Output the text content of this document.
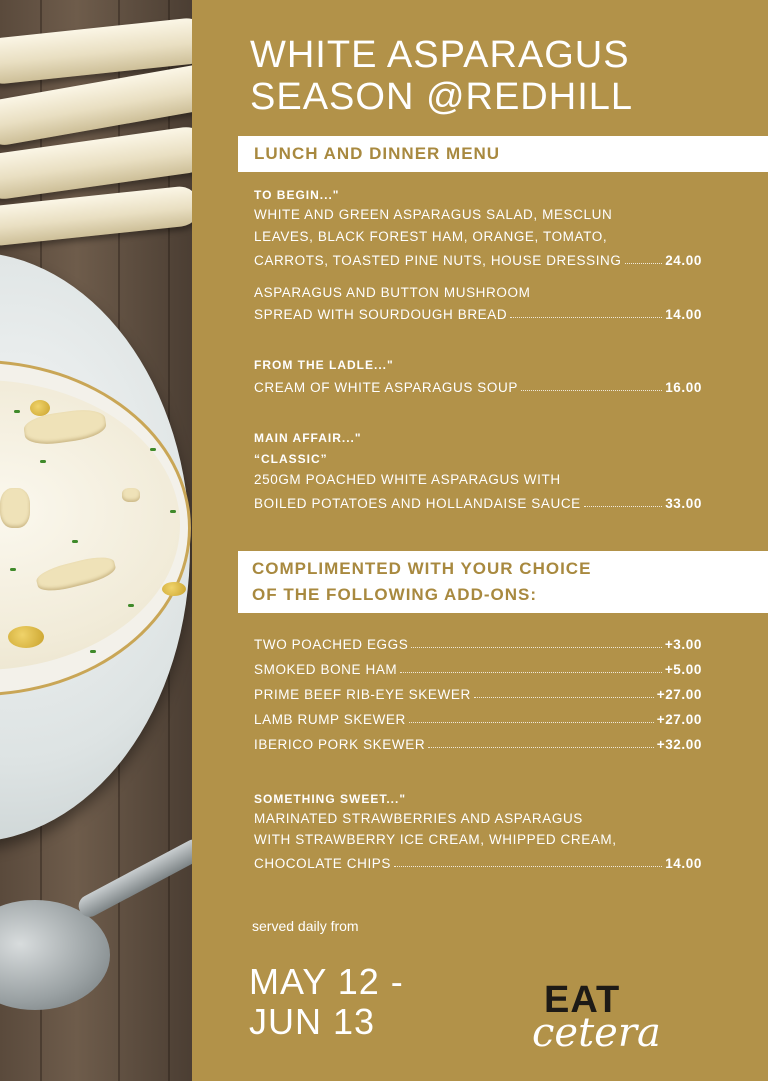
WHITE ASPARAGUS
SEASON @REDHILL
LUNCH AND DINNER MENU
TO BEGIN..."
WHITE AND GREEN ASPARAGUS SALAD, MESCLUN
LEAVES, BLACK FOREST HAM, ORANGE, TOMATO,
CARROTS, TOASTED PINE NUTS, HOUSE DRESSING	24.00
ASPARAGUS AND BUTTON MUSHROOM
SPREAD WITH SOURDOUGH BREAD	14.00
FROM THE LADLE..."
CREAM OF WHITE ASPARAGUS SOUP	16.00
MAIN AFFAIR..."
“CLASSIC”
250GM POACHED WHITE ASPARAGUS WITH
BOILED POTATOES AND HOLLANDAISE SAUCE	33.00
COMPLIMENTED WITH YOUR CHOICE
OF THE FOLLOWING ADD-ONS:
TWO POACHED EGGS	+3.00
SMOKED BONE HAM	+5.00
PRIME BEEF RIB-EYE SKEWER	+27.00
LAMB RUMP SKEWER	+27.00
IBERICO PORK SKEWER	+32.00
SOMETHING SWEET..."
MARINATED STRAWBERRIES AND ASPARAGUS
WITH STRAWBERRY ICE CREAM, WHIPPED CREAM,
CHOCOLATE CHIPS	14.00
served daily from
MAY 12 -
JUN 13
EAT
cetera
